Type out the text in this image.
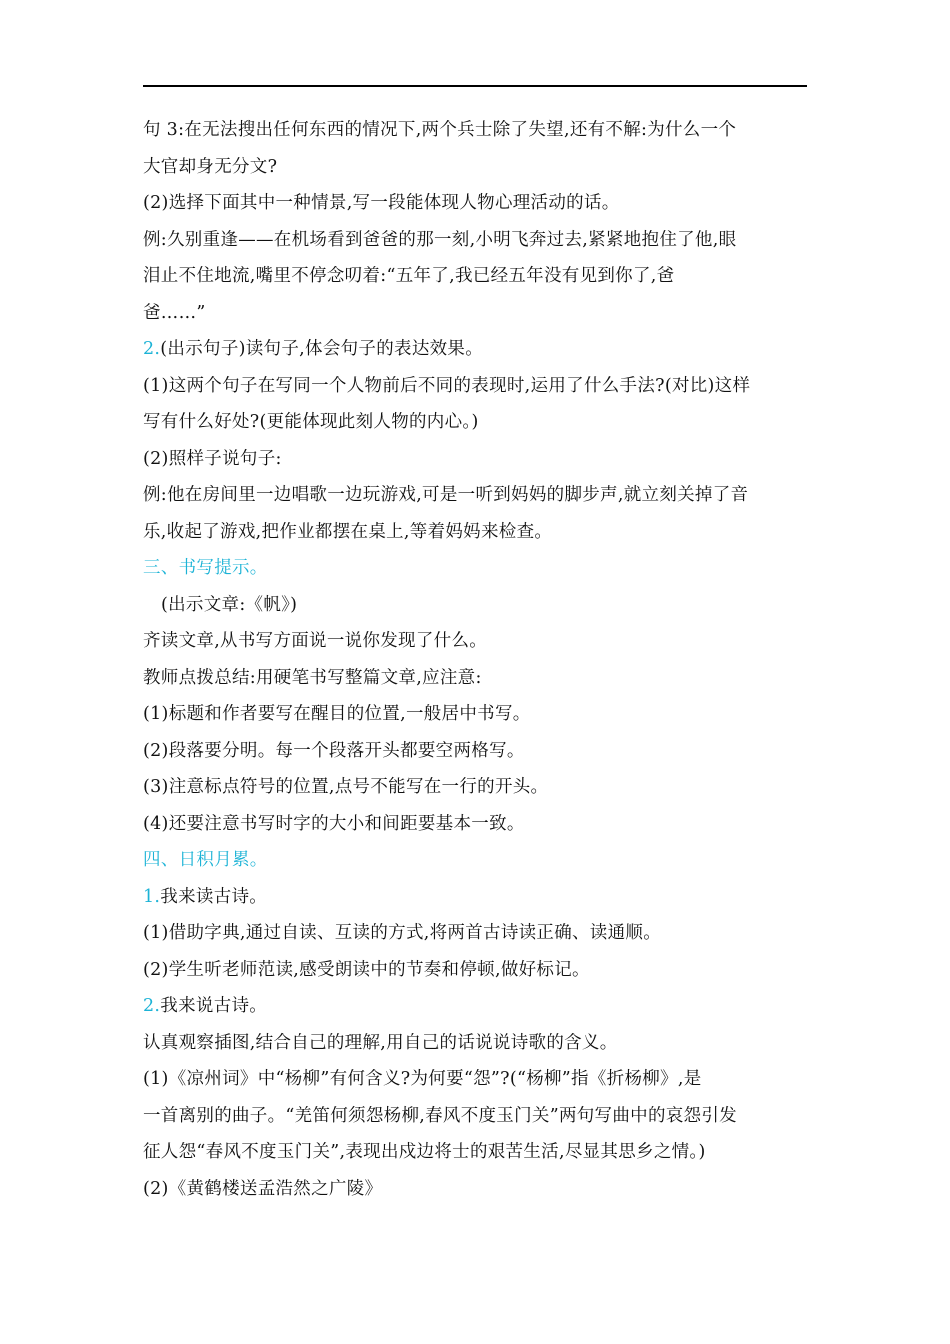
句 3:在无法搜出任何东西的情况下,两个兵士除了失望,还有不解:为什么一个
大官却身无分文?
(2)选择下面其中一种情景,写一段能体现人物心理活动的话。
例:久别重逢——在机场看到爸爸的那一刻,小明飞奔过去,紧紧地抱住了他,眼
泪止不住地流,嘴里不停念叨着:“五年了,我已经五年没有见到你了,爸
爸……”
2.(出示句子)读句子,体会句子的表达效果。
(1)这两个句子在写同一个人物前后不同的表现时,运用了什么手法?(对比)这样
写有什么好处?(更能体现此刻人物的内心。)
(2)照样子说句子:
例:他在房间里一边唱歌一边玩游戏,可是一听到妈妈的脚步声,就立刻关掉了音
乐,收起了游戏,把作业都摆在桌上,等着妈妈来检查。
三、书写提示。
(出示文章:《帆》)
齐读文章,从书写方面说一说你发现了什么。
教师点拨总结:用硬笔书写整篇文章,应注意:
(1)标题和作者要写在醒目的位置,一般居中书写。
(2)段落要分明。每一个段落开头都要空两格写。
(3)注意标点符号的位置,点号不能写在一行的开头。
(4)还要注意书写时字的大小和间距要基本一致。
四、日积月累。
1.我来读古诗。
(1)借助字典,通过自读、互读的方式,将两首古诗读正确、读通顺。
(2)学生听老师范读,感受朗读中的节奏和停顿,做好标记。
2.我来说古诗。
认真观察插图,结合自己的理解,用自己的话说说诗歌的含义。
(1)《凉州词》中“杨柳”有何含义?为何要“怨”?(“杨柳”指《折杨柳》,是
一首离别的曲子。“羌笛何须怨杨柳,春风不度玉门关”两句写曲中的哀怨引发
征人怨“春风不度玉门关”,表现出戍边将士的艰苦生活,尽显其思乡之情。)
(2)《黄鹤楼送孟浩然之广陵》
